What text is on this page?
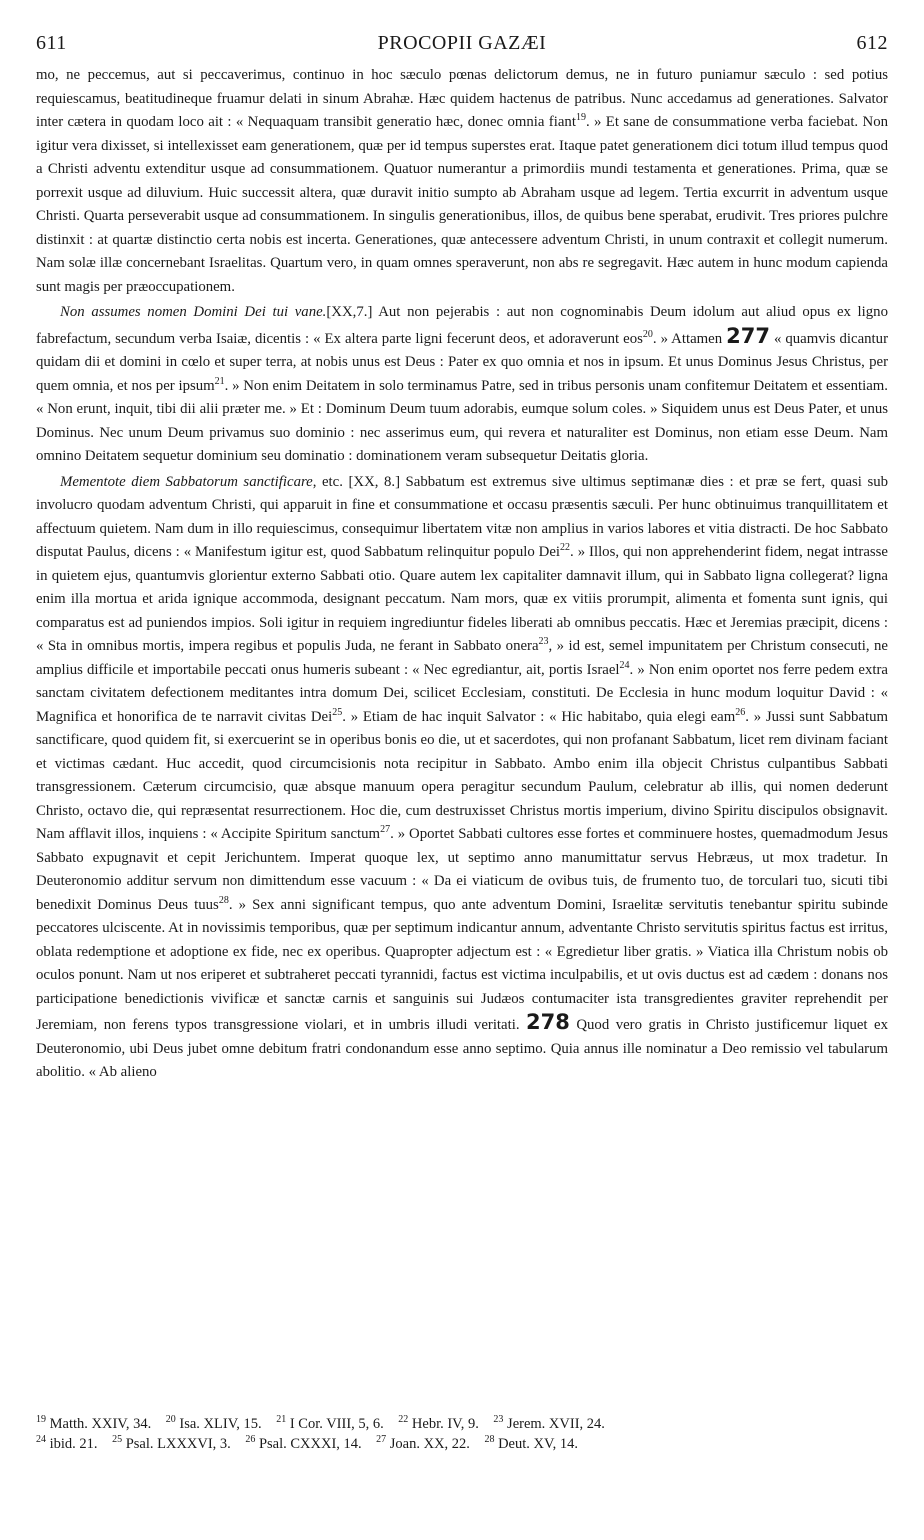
611	PROCOPII GAZÆI	612

mo, ne peccemus, aut si peccaverimus, continuo in hoc sæculo pœnas delictorum demus, ne in futuro puniamur sæculo : sed potius requiescamus, beatitudineque fruamur delati in sinum Abrahæ. Hæc quidem hactenus de patribus. Nunc accedamus ad generationes. Salvator inter cætera in quodam loco ait : « Nequaquam transibit generatio hæc, donec omnia fiant$^{19}$. » Et sane de consummatione verba faciebat. Non igitur vera dixisset, si intellexisset eam generationem, quæ per id tempus superstes erat. Itaque patet generationem dici totum illud tempus quod a Christi adventu extenditur usque ad consummationem. Quatuor numerantur a primordiis mundi testamenta et generationes. Prima, quæ se porrexit usque ad diluvium. Huic successit altera, quæ duravit initio sumpto ab Abraham usque ad legem. Tertia excurrit in adventum usque Christi. Quarta perseverabit usque ad consummationem. In singulis generationibus, illos, de quibus bene sperabat, erudivit. Tres priores pulchre distinxit : at quartæ distinctio certa nobis est incerta. Generationes, quæ antecessere adventum Christi, in unum contraxit et collegit numerum. Nam solæ illæ concernebant Israelitas. Quartum vero, in quam omnes speraverunt, non abs re segregavit. Hæc autem in hunc modum capienda sunt magis per præoccupationem.

Non assumes nomen Domini Dei tui vane.[XX,7.] Aut non pejerabis : aut non cognominabis Deum idolum aut aliud opus ex ligno fabrefactum, secundum verba Isaiæ, dicentis : « Ex altera parte ligni fecerunt deos, et adoraverunt eos$^{20}$. » Attamen 277 « quamvis dicantur quidam dii et domini in cœlo et super terra, at nobis unus est Deus : Pater ex quo omnia et nos in ipsum. Et unus Dominus Jesus Christus, per quem omnia, et nos per ipsum$^{21}$. » Non enim Deitatem in solo terminamus Patre, sed in tribus personis unam confitemur Deitatem et essentiam. « Non erunt, inquit, tibi dii alii præter me. » Et : Dominum Deum tuum adorabis, eumque solum coles. » Siquidem unus est Deus Pater, et unus Dominus. Nec unum Deum privamus suo dominio : nec asserimus eum, qui revera et naturaliter est Dominus, non etiam esse Deum. Nam omnino Deitatem sequetur dominium seu dominatio : dominationem veram subsequetur Deitatis gloria.

Mementote diem Sabbatorum sanctificare, etc. [XX, 8.] Sabbatum est extremus sive ultimus septimanæ dies : et præ se fert, quasi sub involucro quodam adventum Christi, qui apparuit in fine et consummatione et occasu præsentis sæculi. Per hunc obtinuimus tranquillitatem et affectuum quietem. Nam dum in illo requiescimus, consequimur libertatem vitæ non amplius in varios labores et vitia distracti. De hoc Sabbato disputat Paulus, dicens : « Manifestum igitur est, quod Sabbatum relinquitur populo Dei$^{22}$. » Illos, qui non apprehenderint fidem, negat intrasse in quietem ejus, quantumvis glorientur externo Sabbati otio. Quare autem lex capitaliter damnavit illum, qui in Sabbato ligna collegerat? ligna enim illa mortua et arida ignique accommoda, designant peccatum. Nam mors, quæ ex vitiis prorumpit, alimenta et fomenta sunt ignis, qui comparatus est ad puniendos impios. Soli igitur in requiem ingrediuntur fideles liberati ab omnibus peccatis. Hæc et Jeremias præcipit, dicens : « Sta in omnibus mortis, impera regibus et populis Juda, ne ferant in Sabbato onera$^{23}$, » id est, semel impunitatem per Christum consecuti, ne amplius difficile et importabile peccati onus humeris subeant : « Nec egrediantur, ait, portis Israel$^{24}$. » Non enim oportet nos ferre pedem extra sanctam civitatem defectionem meditantes intra domum Dei, scilicet Ecclesiam, constituti. De Ecclesia in hunc modum loquitur David : « Magnifica et honorifica de te narravit civitas Dei$^{25}$. » Etiam de hac inquit Salvator : « Hic habitabo, quia elegi eam$^{26}$. » Jussi sunt Sabbatum sanctificare, quod quidem fit, si exercuerint se in operibus bonis eo die, ut et sacerdotes, qui non profanant Sabbatum, licet rem divinam faciant et victimas cædant. Huc accedit, quod circumcisionis nota recipitur in Sabbato. Ambo enim illa objecit Christus culpantibus Sabbati transgressionem. Cæterum circumcisio, quæ absque manuum opera peragitur secundum Paulum, celebratur ab illis, qui nomen dederunt Christo, octavo die, qui repræsentat resurrectionem. Hoc die, cum destruxisset Christus mortis imperium, divino Spiritu discipulos obsignavit. Nam afflavit illos, inquiens : « Accipite Spiritum sanctum$^{27}$. » Oportet Sabbati cultores esse fortes et comminuere hostes, quemadmodum Jesus Sabbato expugnavit et cepit Jerichuntem. Imperat quoque lex, ut septimo anno manumittatur servus Hebræus, ut mox tradetur. In Deuteronomio additur servum non dimittendum esse vacuum : « Da ei viaticum de ovibus tuis, de frumento tuo, de torculari tuo, sicuti tibi benedixit Dominus Deus tuus$^{28}$. » Sex anni significant tempus, quo ante adventum Domini, Israelitæ servitutis tenebantur spiritu subinde peccatores ulciscente. At in novissimis temporibus, quæ per septimum indicantur annum, adventante Christo servitutis spiritus factus est irritus, oblata redemptione et adoptione ex fide, nec ex operibus. Quapropter adjectum est : « Egredietur liber gratis. » Viatica illa Christum nobis ob oculos ponunt. Nam ut nos eriperet et subtraheret peccati tyrannidi, factus est victima inculpabilis, et ut ovis ductus est ad cædem : donans nos participatione benedictionis vivificæ et sanctæ carnis et sanguinis sui Judæos contumaciter ista transgredientes graviter reprehendit per Jeremiam, non ferens typos transgressione violari, et in umbris illudi veritati. 278 Quod vero gratis in Christo justificemur liquet ex Deuteronomio, ubi Deus jubet omne debitum fratri condonandum esse anno septimo. Quia annus ille nominatur a Deo remissio vel tabularum abolitio. « Ab alieno

$^{19}$ Matth. XXIV, 34. $^{20}$ Isa. XLIV, 15. $^{21}$ I Cor. VIII, 5, 6. $^{22}$ Hebr. IV, 9. $^{23}$ Jerem. XVII, 24.
$^{24}$ ibid. 21. $^{25}$ Psal. LXXXVI, 3. $^{26}$ Psal. CXXXI, 14. $^{27}$ Joan. XX, 22. $^{28}$ Deut. XV, 14.
